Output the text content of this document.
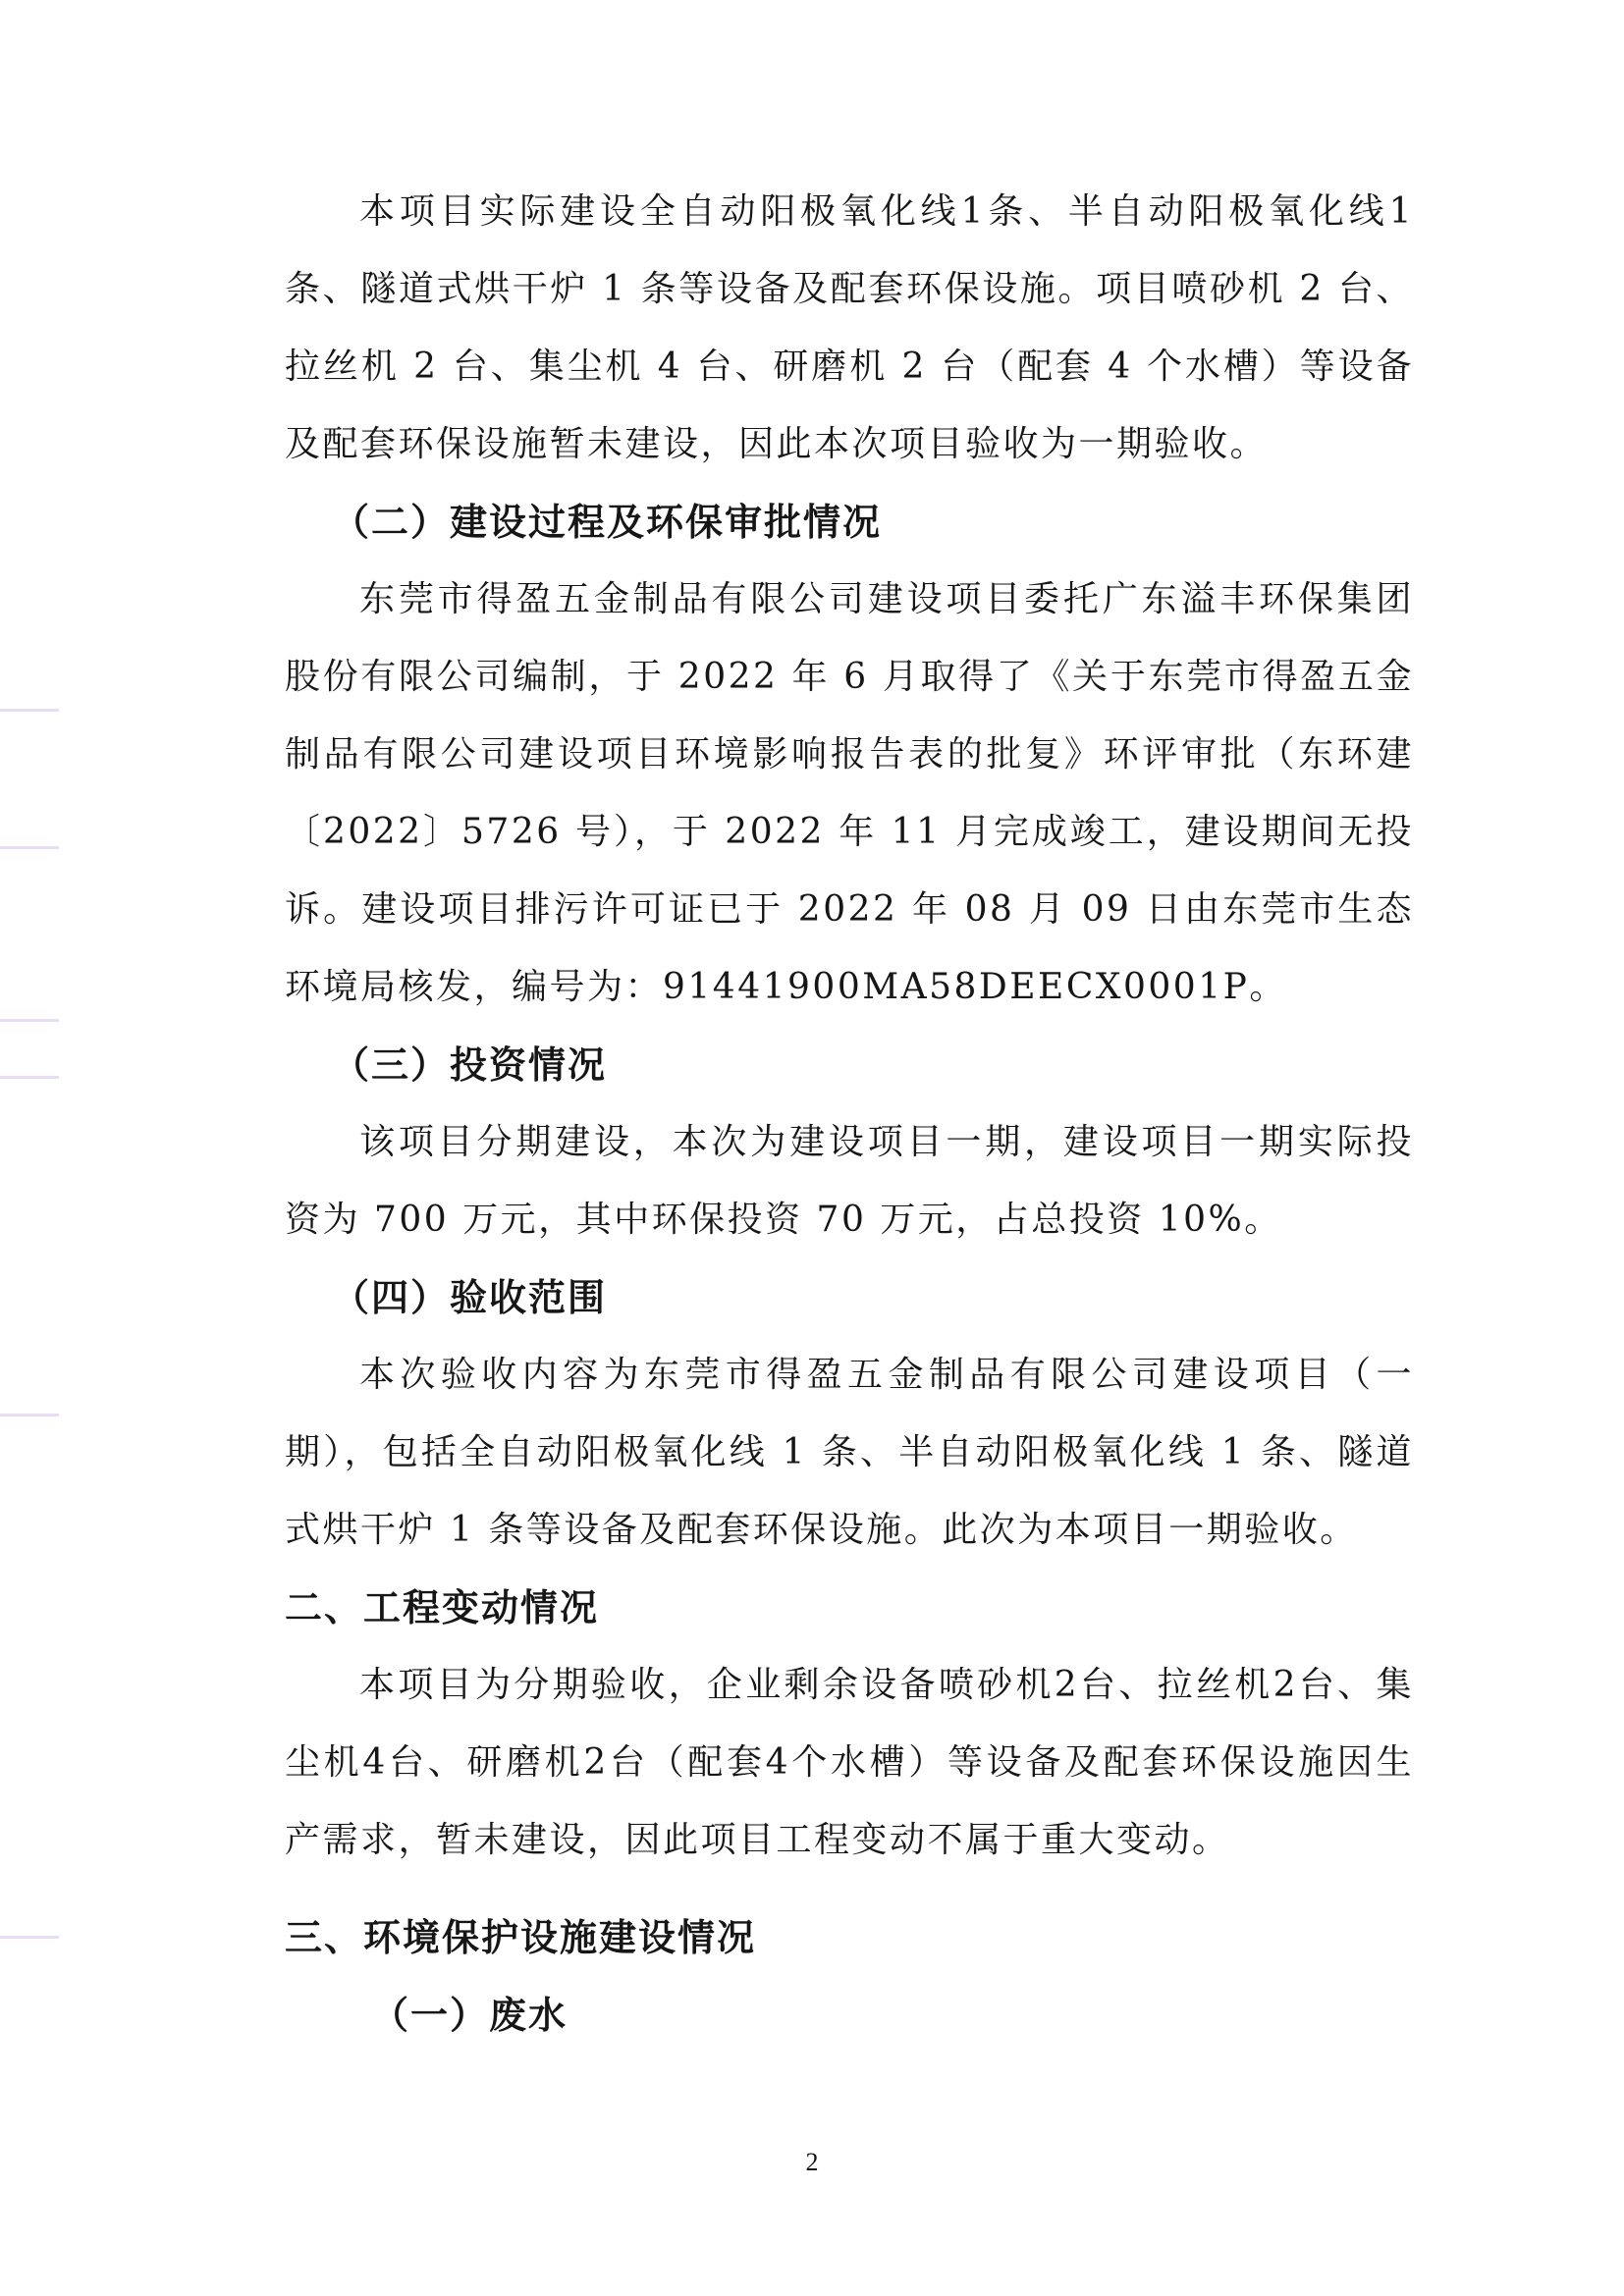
本项目实际建设全自动阳极氧化线1条、半自动阳极氧化线1条、隧道式烘干炉 1 条等设备及配套环保设施。项目喷砂机 2 台、拉丝机 2 台、集尘机 4 台、研磨机 2 台（配套 4 个水槽）等设备及配套环保设施暂未建设，因此本次项目验收为一期验收。

（二）建设过程及环保审批情况

东莞市得盈五金制品有限公司建设项目委托广东溢丰环保集团股份有限公司编制，于 2022 年 6 月取得了《关于东莞市得盈五金制品有限公司建设项目环境影响报告表的批复》环评审批（东环建〔2022〕5726 号），于 2022 年 11 月完成竣工，建设期间无投诉。建设项目排污许可证已于 2022 年 08 月 09 日由东莞市生态环境局核发，编号为：91441900MA58DEECX0001P。

（三）投资情况

该项目分期建设，本次为建设项目一期，建设项目一期实际投资为 700 万元，其中环保投资 70 万元，占总投资 10%。

（四）验收范围

本次验收内容为东莞市得盈五金制品有限公司建设项目（一期），包括全自动阳极氧化线 1 条、半自动阳极氧化线 1 条、隧道式烘干炉 1 条等设备及配套环保设施。此次为本项目一期验收。

二、工程变动情况

本项目为分期验收，企业剩余设备喷砂机2台、拉丝机2台、集尘机4台、研磨机2台（配套4个水槽）等设备及配套环保设施因生产需求，暂未建设，因此项目工程变动不属于重大变动。

三、环境保护设施建设情况

（一）废水

2
